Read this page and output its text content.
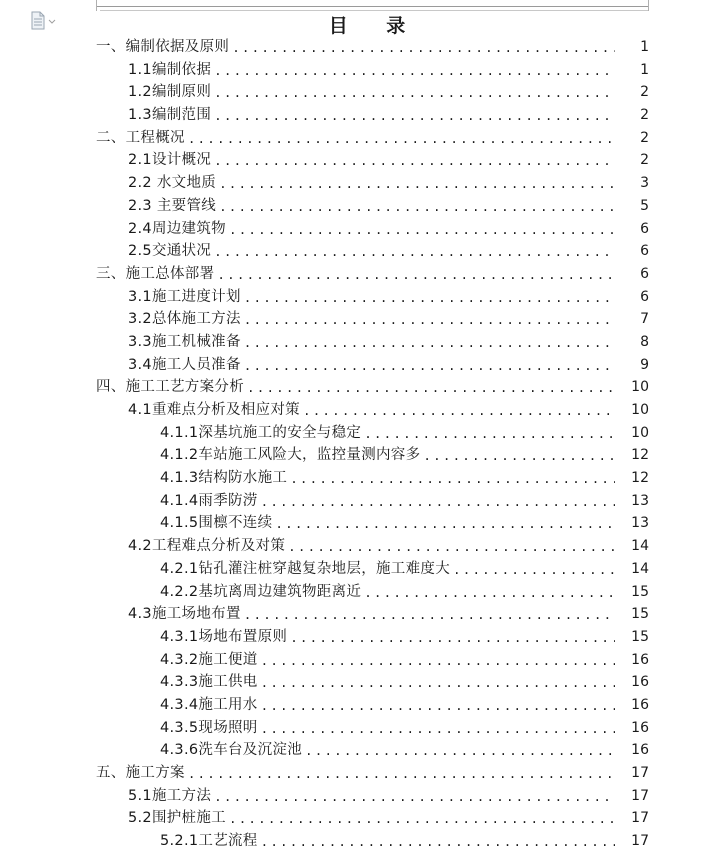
目 录
一、编制依据及原则 .....	1
1.1编制依据 .....	1
1.2编制原则 .....	2
1.3编制范围 .....	2
二、工程概况 .....	2
2.1设计概况 .....	2
2.2 水文地质 .....	3
2.3 主要管线 .....	5
2.4周边建筑物 .....	6
2.5交通状况 .....	6
三、施工总体部署 .....	6
3.1施工进度计划 .....	6
3.2总体施工方法 .....	7
3.3施工机械准备 .....	8
3.4施工人员准备 .....	9
四、施工工艺方案分析 .....	10
4.1重难点分析及相应对策 .....	10
4.1.1深基坑施工的安全与稳定 .....	10
4.1.2车站施工风险大，监控量测内容多 .....	12
4.1.3结构防水施工 .....	12
4.1.4雨季防涝 .....	13
4.1.5围檩不连续 .....	13
4.2工程难点分析及对策 .....	14
4.2.1钻孔灌注桩穿越复杂地层，施工难度大 .....	14
4.2.2基坑离周边建筑物距离近 .....	15
4.3施工场地布置 .....	15
4.3.1场地布置原则 .....	15
4.3.2施工便道 .....	16
4.3.3施工供电 .....	16
4.3.4施工用水 .....	16
4.3.5现场照明 .....	16
4.3.6洗车台及沉淀池 .....	16
五、施工方案 .....	17
5.1施工方法 .....	17
5.2围护桩施工 .....	17
5.2.1工艺流程 .....	17
